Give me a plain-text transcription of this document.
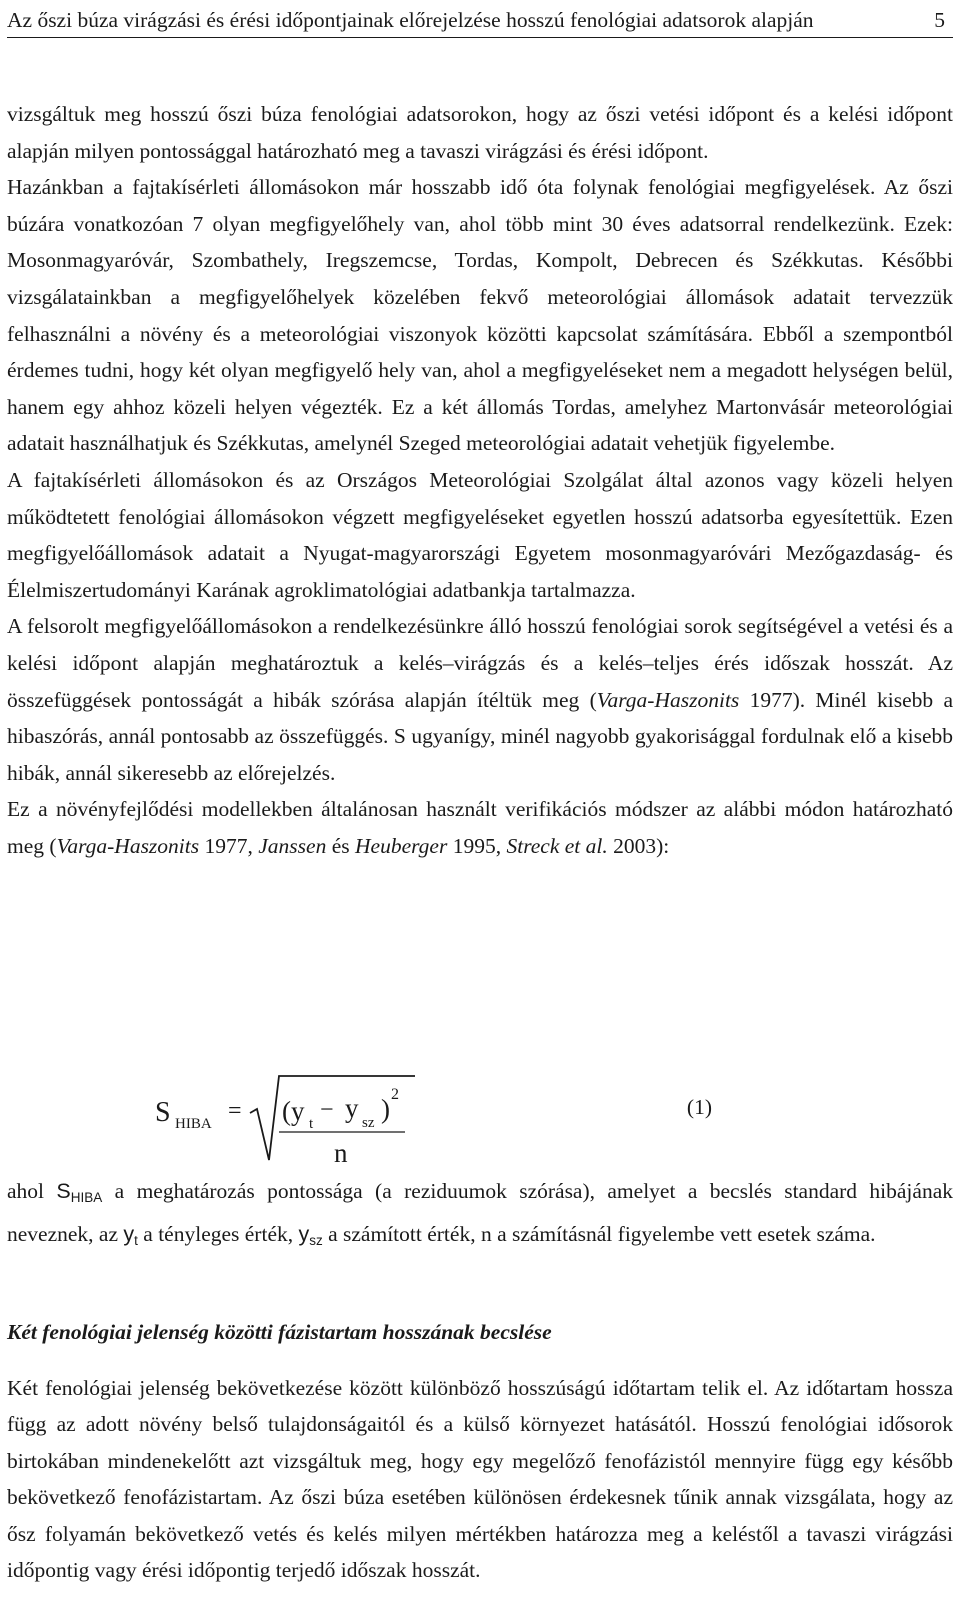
Az őszi búza virágzási és érési időpontjainak előrejelzése hosszú fenológiai adatsorok alapján	5

vizsgáltuk meg hosszú őszi búza fenológiai adatsorokon, hogy az őszi vetési időpont és a kelési időpont alapján milyen pontossággal határozható meg a tavaszi virágzási és érési időpont.

Hazánkban a fajtakísérleti állomásokon már hosszabb idő óta folynak fenológiai megfigyelések. Az őszi búzára vonatkozóan 7 olyan megfigyelőhely van, ahol több mint 30 éves adatsorral rendelkezünk. Ezek: Mosonmagyaróvár, Szombathely, Iregszemcse, Tordas, Kompolt, Debrecen és Székkutas. Későbbi vizsgálatainkban a megfigyelőhelyek közelében fekvő meteorológiai állomások adatait tervezzük felhasználni a növény és a meteorológiai viszonyok közötti kapcsolat számítására. Ebből a szempontból érdemes tudni, hogy két olyan megfigyelő hely van, ahol a megfigyeléseket nem a megadott helységen belül, hanem egy ahhoz közeli helyen végezték. Ez a két állomás Tordas, amelyhez Martonvásár meteorológiai adatait használhatjuk és Székkutas, amelynél Szeged meteorológiai adatait vehetjük figyelembe.

A fajtakísérleti állomásokon és az Országos Meteorológiai Szolgálat által azonos vagy közeli helyen működtetett fenológiai állomásokon végzett megfigyeléseket egyetlen hosszú adatsorba egyesítettük. Ezen megfigyelőállomások adatait a Nyugat-magyarországi Egyetem mosonmagyaróvári Mezőgazdaság- és Élelmiszertudományi Karának agroklimatológiai adatbankja tartalmazza.

A felsorolt megfigyelőállomásokon a rendelkezésünkre álló hosszú fenológiai sorok segítségével a vetési és a kelési időpont alapján meghatároztuk a kelés–virágzás és a kelés–teljes érés időszak hosszát. Az összefüggések pontosságát a hibák szórása alapján ítéltük meg (Varga-Haszonits 1977). Minél kisebb a hibaszórás, annál pontosabb az összefüggés. S ugyanígy, minél nagyobb gyakorisággal fordulnak elő a kisebb hibák, annál sikeresebb az előrejelzés.

Ez a növényfejlődési modellekben általánosan használt verifikációs módszer az alábbi módon határozható meg (Varga-Haszonits 1977, Janssen és Heuberger 1995, Streck et al. 2003):

S HIBA = (y t
− y sz ) 2
n
(1)

ahol $S_{HIBA}$ a meghatározás pontossága (a reziduumok szórása), amelyet a becslés standard hibájának neveznek, az $y_t$ a tényleges érték, $y_{sz}$ a számított érték, n a számításnál figyelembe vett esetek száma.

Két fenológiai jelenség közötti fázistartam hosszának becslése

Két fenológiai jelenség bekövetkezése között különböző hosszúságú időtartam telik el. Az időtartam hossza függ az adott növény belső tulajdonságaitól és a külső környezet hatásától. Hosszú fenológiai idősorok birtokában mindenekelőtt azt vizsgáltuk meg, hogy egy megelőző fenofázistól mennyire függ egy később bekövetkező fenofázistartam. Az őszi búza esetében különösen érdekesnek tűnik annak vizsgálata, hogy az ősz folyamán bekövetkező vetés és kelés milyen mértékben határozza meg a keléstől a tavaszi virágzási időpontig vagy érési időpontig terjedő időszak hosszát.
